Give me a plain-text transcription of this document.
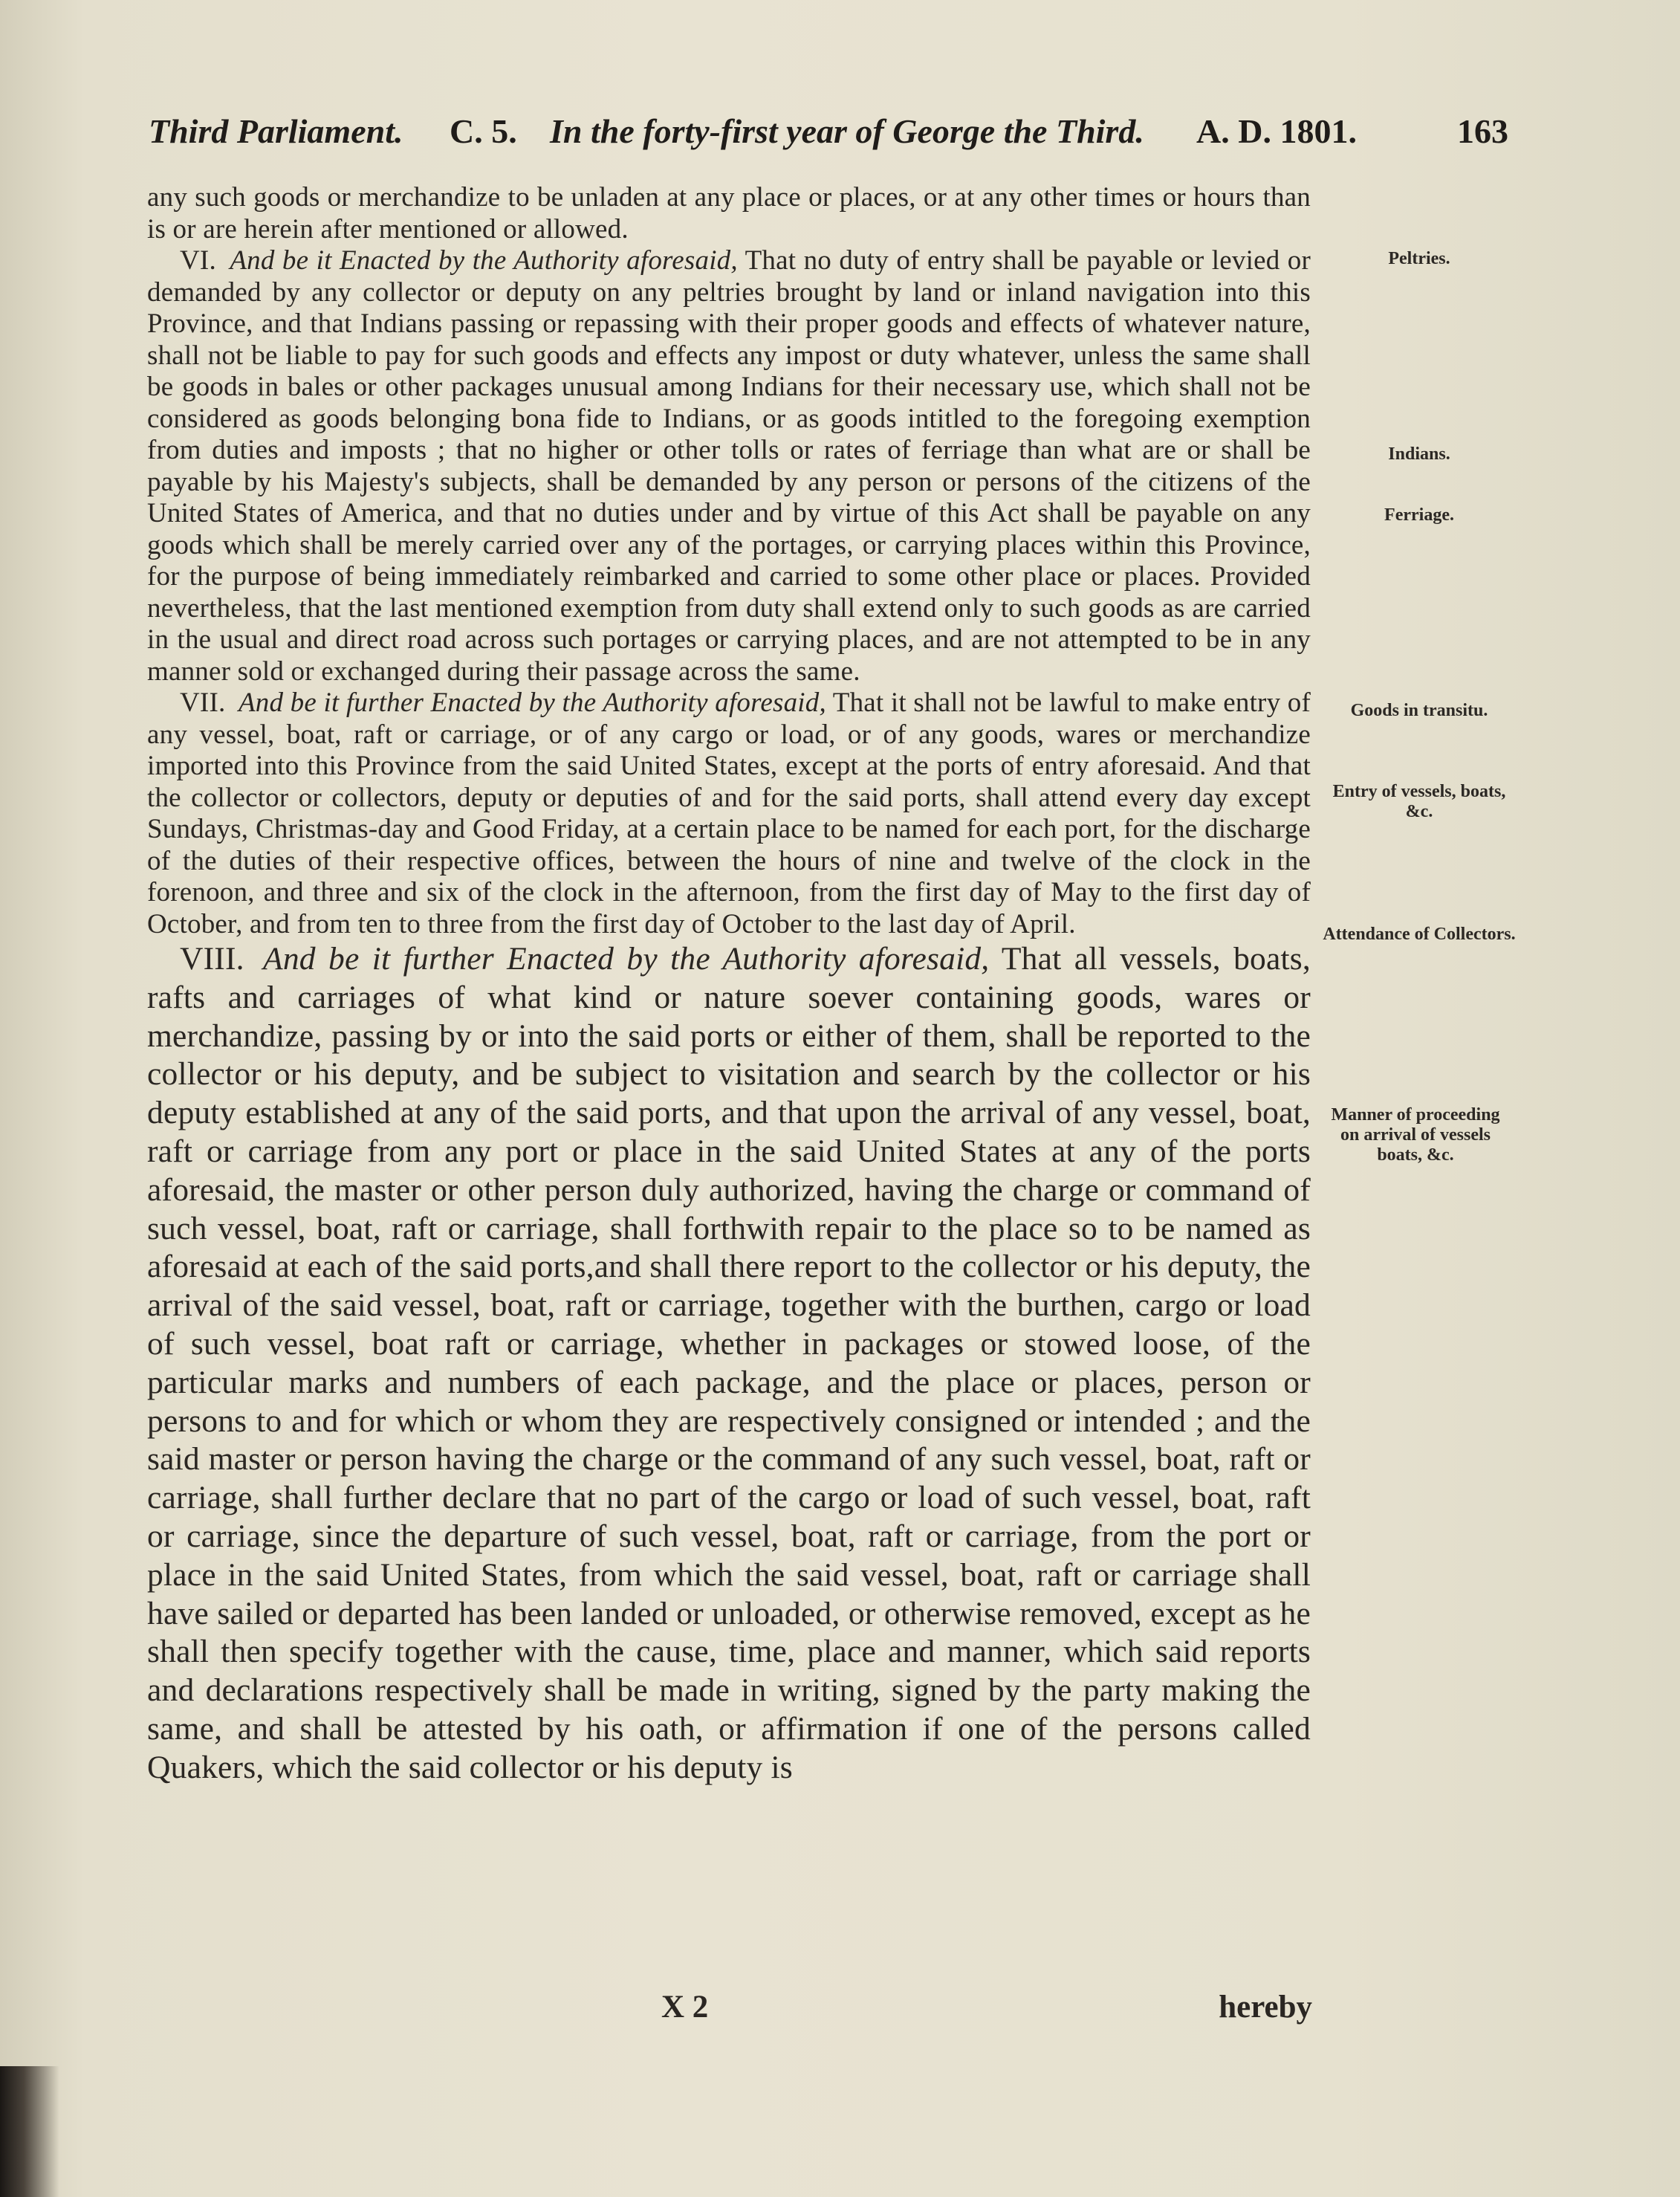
Third Parliament.	C. 5. In the forty-first year of George the Third.	A. D. 1801.	163

any such goods or merchandize to be unladen at any place or places, or at any other times or hours than is or are herein after mentioned or allowed.

VI. And be it Enacted by the Authority aforesaid, That no duty of entry shall be payable or levied or demanded by any collector or deputy on any peltries brought by land or inland navigation into this Province, and that Indians passing or repassing with their proper goods and effects of whatever nature, shall not be liable to pay for such goods and effects any impost or duty whatever, unless the same shall be goods in bales or other packages unusual among Indians for their necessary use, which shall not be considered as goods belonging bona fide to Indians, or as goods intitled to the foregoing exemption from duties and imposts ; that no higher or other tolls or rates of ferriage than what are or shall be payable by his Majesty's subjects, shall be demanded by any person or persons of the citizens of the United States of America, and that no duties under and by virtue of this Act shall be payable on any goods which shall be merely carried over any of the portages, or carrying places within this Province, for the purpose of being immediately reimbarked and carried to some other place or places. Provided nevertheless, that the last mentioned exemption from duty shall extend only to such goods as are carried in the usual and direct road across such portages or carrying places, and are not attempted to be in any manner sold or exchanged during their passage across the same.

VII. And be it further Enacted by the Authority aforesaid, That it shall not be lawful to make entry of any vessel, boat, raft or carriage, or of any cargo or load, or of any goods, wares or merchandize imported into this Province from the said United States, except at the ports of entry aforesaid. And that the collector or collectors, deputy or deputies of and for the said ports, shall attend every day except Sundays, Christmas-day and Good Friday, at a certain place to be named for each port, for the discharge of the duties of their respective offices, between the hours of nine and twelve of the clock in the forenoon, and three and six of the clock in the afternoon, from the first day of May to the first day of October, and from ten to three from the first day of October to the last day of April.

VIII. And be it further Enacted by the Authority aforesaid, That all vessels, boats, rafts and carriages of what kind or nature soever containing goods, wares or merchandize, passing by or into the said ports or either of them, shall be reported to the collector or his deputy, and be subject to visitation and search by the collector or his deputy established at any of the said ports, and that upon the arrival of any vessel, boat, raft or carriage from any port or place in the said United States at any of the ports aforesaid, the master or other person duly authorized, having the charge or command of such vessel, boat, raft or carriage, shall forthwith repair to the place so to be named as aforesaid at each of the said ports,and shall there report to the collector or his deputy, the arrival of the said vessel, boat, raft or carriage, together with the burthen, cargo or load of such vessel, boat raft or carriage, whether in packages or stowed loose, of the particular marks and numbers of each package, and the place or places, person or persons to and for which or whom they are respectively consigned or intended ; and the said master or person having the charge or the command of any such vessel, boat, raft or carriage, shall further declare that no part of the cargo or load of such vessel, boat, raft or carriage, since the departure of such vessel, boat, raft or carriage, from the port or place in the said United States, from which the said vessel, boat, raft or carriage shall have sailed or departed has been landed or unloaded, or otherwise removed, except as he shall then specify together with the cause, time, place and manner, which said reports and declarations respectively shall be made in writing, signed by the party making the same, and shall be attested by his oath, or affirmation if one of the persons called Quakers, which the said collector or his deputy is

Peltries.
Indians.
Ferriage.
Goods in transitu.
Entry of vessels, boats, &c.
Attendance of Collectors.
Manner of proceeding on arrival of vessels boats, &c.
X 2	hereby
